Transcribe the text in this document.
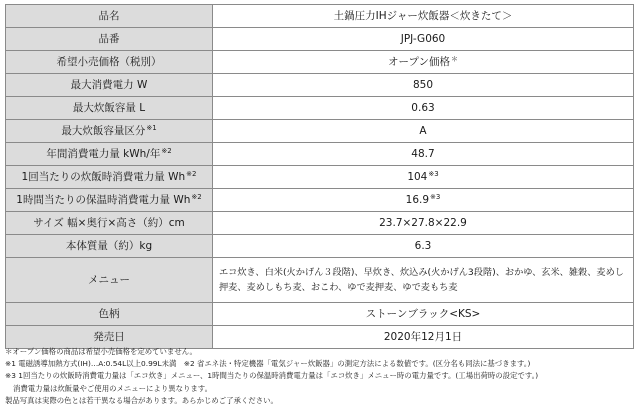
品名	土鍋圧力IHジャー炊飯器＜炊きたて＞
品番	JPJ-G060
希望小売価格（税別）	オープン価格＊
最大消費電力 W	850
最大炊飯容量 L	0.63
最大炊飯容量区分$^{※1}$	A
年間消費電力量 kWh/年$^{※2}$	48.7
1回当たりの炊飯時消費電力量 Wh$^{※2}$	104$^{※3}$
1時間当たりの保温時消費電力量 Wh$^{※2}$	16.9$^{※3}$
サイズ 幅×奥行×高さ（約）cm	23.7×27.8×22.9
本体質量（約）kg	6.3
メニュー	エコ炊き、白米(火かげん３段階)、早炊き、炊込み(火かげん3段階)、おかゆ、玄米、雑穀、麦めし押麦、麦めしもち麦、おこわ、ゆで麦押麦、ゆで麦もち麦
色柄	ストーンブラック<KS>
発売日	2020年12月1日
＊オープン価格の商品は希望小売価格を定めていません。
※1 電磁誘導加熱方式(IH)…A:0.54L以上0.99L未満　※2 省エネ法・特定機器「電気ジャー炊飯器」の測定方法による数値です。(区分名も同法に基づきます。)
※3 1回当たりの炊飯時消費電力量は「エコ炊き」メニュー、1時間当たりの保温時消費電力量は「エコ炊き」メニュー時の電力量です。(工場出荷時の設定です。)
消費電力量は炊飯量やご使用のメニューにより異なります。
製品写真は実際の色とは若干異なる場合があります。あらかじめご了承ください。
